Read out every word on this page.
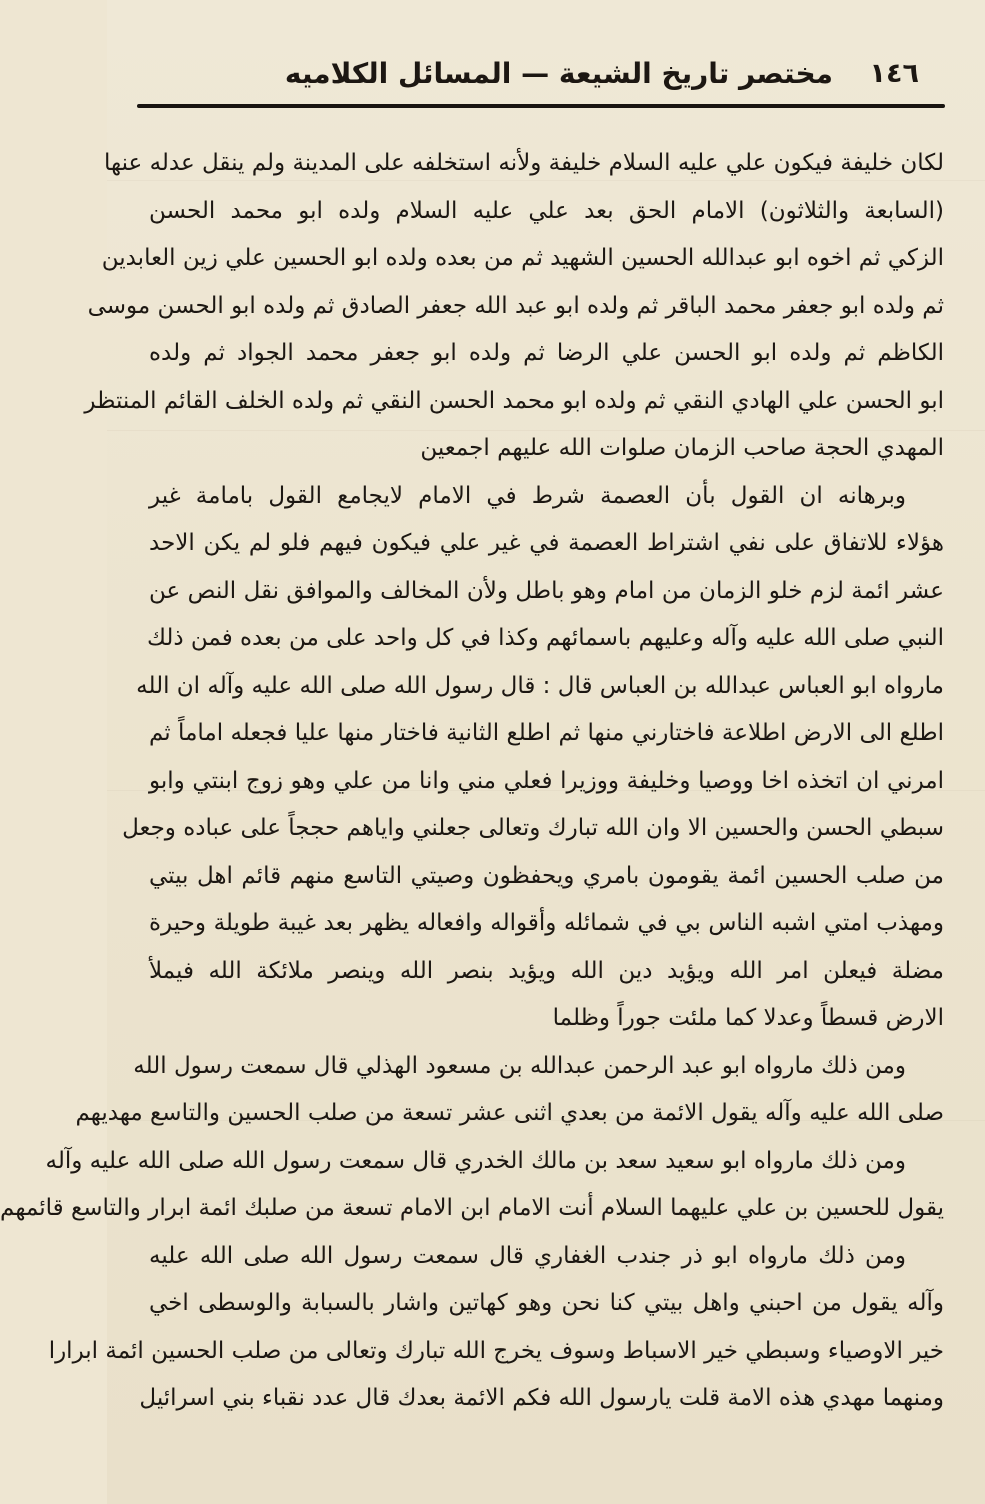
١٤٦
مختصر تاريخ الشيعة — المسائل الكلاميه
لكان خليفة فيكون علي عليه السلام خليفة ولأنه استخلفه على المدينة ولم ينقل عدله عنها
(السابعة والثلاثون) الامام الحق بعد علي عليه السلام ولده ابو محمد الحسن
الزكي ثم اخوه ابو عبدالله الحسين الشهيد ثم من بعده ولده ابو الحسين علي زين العابدين
ثم ولده ابو جعفر محمد الباقر ثم ولده ابو عبد الله جعفر الصادق ثم ولده ابو الحسن موسى
الكاظم ثم ولده ابو الحسن علي الرضا ثم ولده ابو جعفر محمد الجواد ثم ولده
ابو الحسن علي الهادي النقي ثم ولده ابو محمد الحسن النقي ثم ولده الخلف القائم المنتظر
المهدي الحجة صاحب الزمان صلوات الله عليهم اجمعين
وبرهانه ان القول بأن العصمة شرط في الامام لايجامع القول بامامة غير
هؤلاء للاتفاق على نفي اشتراط العصمة في غير علي فيكون فيهم فلو لم يكن الاحد
عشر ائمة لزم خلو الزمان من امام وهو باطل ولأن المخالف والموافق نقل النص عن
النبي صلى الله عليه وآله وعليهم باسمائهم وكذا في كل واحد على من بعده فمن ذلك
مارواه ابو العباس عبدالله بن العباس قال : قال رسول الله صلى الله عليه وآله ان الله
اطلع الى الارض اطلاعة فاختارني منها ثم اطلع الثانية فاختار منها عليا فجعله اماماً ثم
امرني ان اتخذه اخا ووصيا وخليفة ووزيرا فعلي مني وانا من علي وهو زوج ابنتي وابو
سبطي الحسن والحسين الا وان الله تبارك وتعالى جعلني واياهم حججاً على عباده وجعل
من صلب الحسين ائمة يقومون بامري ويحفظون وصيتي التاسع منهم قائم اهل بيتي
ومهذب امتي اشبه الناس بي في شمائله وأقواله وافعاله يظهر بعد غيبة طويلة وحيرة
مضلة فيعلن امر الله ويؤيد دين الله ويؤيد بنصر الله وينصر ملائكة الله فيملأ
الارض قسطاً وعدلا كما ملئت جوراً وظلما
ومن ذلك مارواه ابو عبد الرحمن عبدالله بن مسعود الهذلي قال سمعت رسول الله
صلى الله عليه وآله يقول الائمة من بعدي اثنى عشر تسعة من صلب الحسين والتاسع مهديهم
ومن ذلك مارواه ابو سعيد سعد بن مالك الخدري قال سمعت رسول الله صلى الله عليه وآله
يقول للحسين بن علي عليهما السلام أنت الامام ابن الامام تسعة من صلبك ائمة ابرار والتاسع قائمهم
ومن ذلك مارواه ابو ذر جندب الغفاري قال سمعت رسول الله صلى الله عليه
وآله يقول من احبني واهل بيتي كنا نحن وهو كهاتين واشار بالسبابة والوسطى اخي
خير الاوصياء وسبطي خير الاسباط وسوف يخرج الله تبارك وتعالى من صلب الحسين ائمة ابرارا
ومنهما مهدي هذه الامة قلت يارسول الله فكم الائمة بعدك قال عدد نقباء بني اسرائيل
